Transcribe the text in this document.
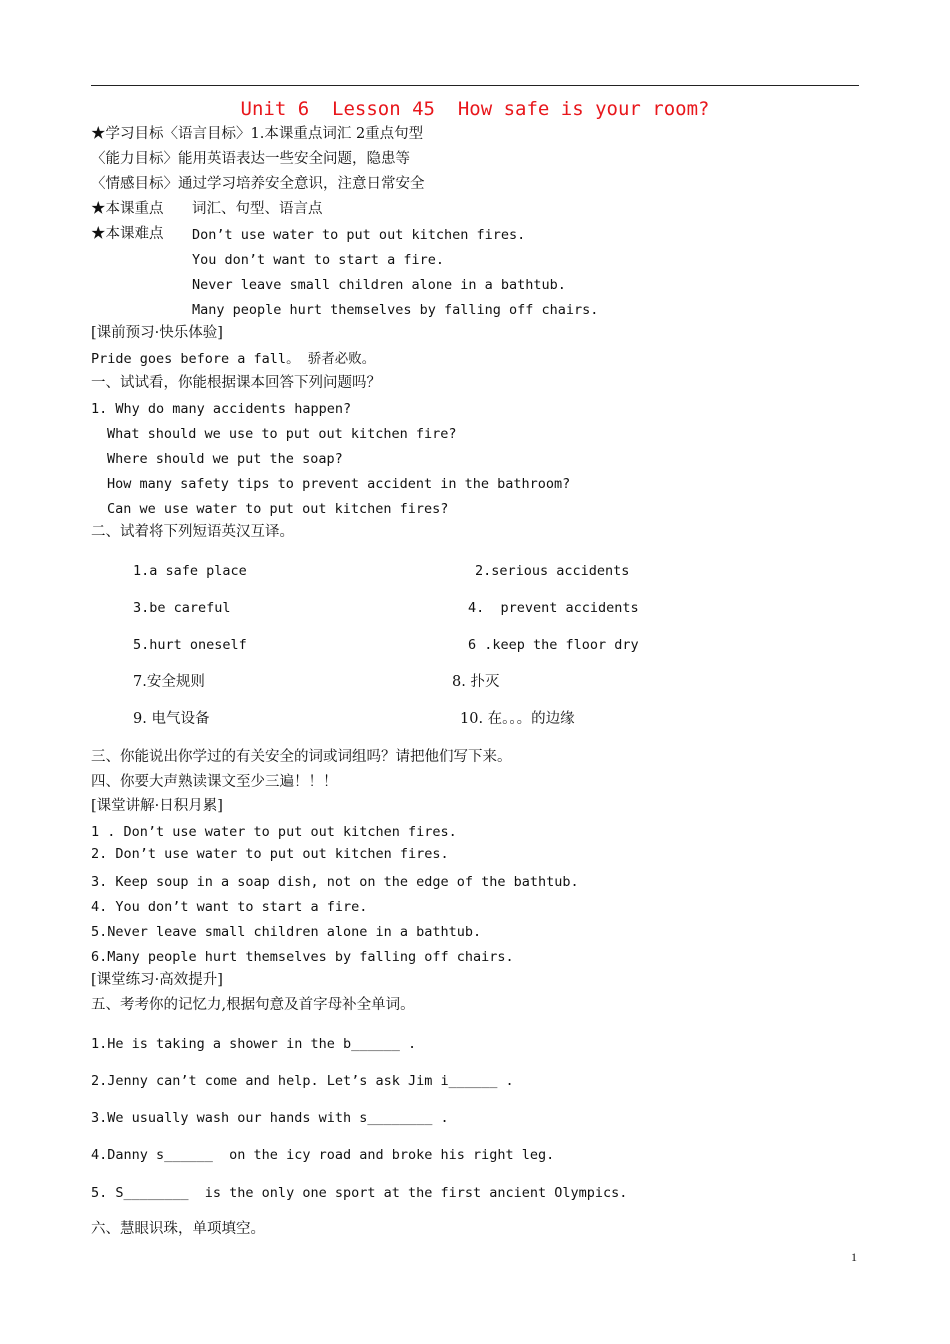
Unit 6  Lesson 45  How safe is your room?
★学习目标〈语言目标〉1.本课重点词汇 2重点句型
〈能力目标〉能用英语表达一些安全问题，隐患等
〈情感目标〉通过学习培养安全意识，注意日常安全
★本课重点 词汇、句型、语言点
★本课难点 Don’t use water to put out kitchen fires.
You don’t want to start a fire.
Never leave small children alone in a bathtub.
Many people hurt themselves by falling off chairs.
[课前预习·快乐体验]
Pride goes before a fall。 骄者必败。
一、试试看，你能根据课本回答下列问题吗？
1. Why do many accidents happen?
What should we use to put out kitchen fire?
Where should we put the soap?
How many safety tips to prevent accident in the bathroom?
Can we use water to put out kitchen fires?
二、试着将下列短语英汉互译。
1.a safe place	2.serious accidents
3.be careful	4.  prevent accidents
5.hurt oneself	6 .keep the floor dry
7.安全规则	8. 扑灭
9. 电气设备	10. 在。。。的边缘
三、你能说出你学过的有关安全的词或词组吗？请把他们写下来。
四、你要大声熟读课文至少三遍！！！
[课堂讲解·日积月累]
1 . Don’t use water to put out kitchen fires.
2. Don’t use water to put out kitchen fires.
3. Keep soup in a soap dish, not on the edge of the bathtub.
4. You don’t want to start a fire.
5.Never leave small children alone in a bathtub.
6.Many people hurt themselves by falling off chairs.
[课堂练习·高效提升]
五、考考你的记忆力,根据句意及首字母补全单词。
1.He is taking a shower in the b______ .
2.Jenny can’t come and help. Let’s ask Jim i______ .
3.We usually wash our hands with s________ .
4.Danny s______  on the icy road and broke his right leg.
5. S________  is the only one sport at the first ancient Olympics.
六、慧眼识珠，单项填空。
1
